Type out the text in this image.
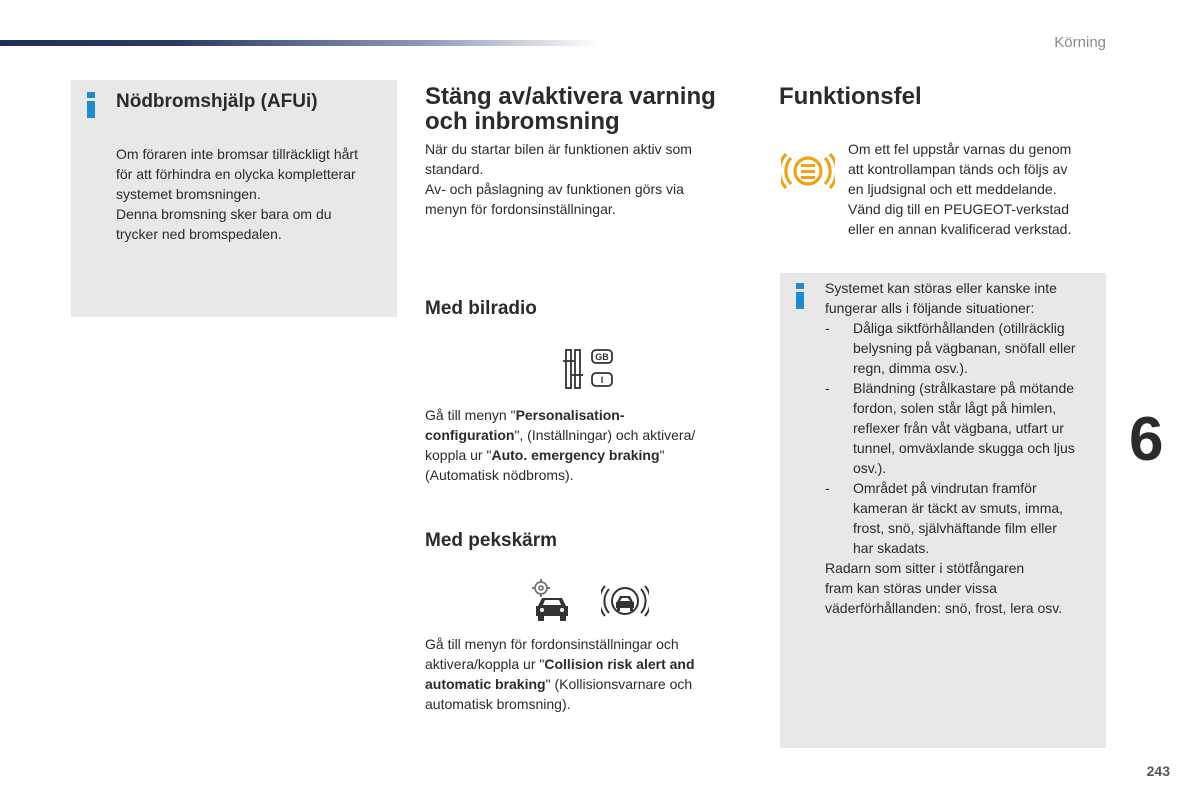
Körning
Nödbromshjälp (AFUi)
Om föraren inte bromsar tillräckligt hårt
för att förhindra en olycka kompletterar
systemet bromsningen.
Denna bromsning sker bara om du
trycker ned bromspedalen.
Stäng av/aktivera varning
och inbromsning
När du startar bilen är funktionen aktiv som
standard.
Av- och påslagning av funktionen görs via
menyn för fordonsinställningar.
Med bilradio
GB
I
Gå till menyn "Personalisation-
configuration", (Inställningar) och aktivera/
koppla ur "Auto. emergency braking"
(Automatisk nödbroms).
Med pekskärm
Gå till menyn för fordonsinställningar och
aktivera/koppla ur "Collision risk alert and
automatic braking" (Kollisionsvarnare och
automatisk bromsning).
Funktionsfel
Om ett fel uppstår varnas du genom
att kontrollampan tänds och följs av
en ljudsignal och ett meddelande.
Vänd dig till en PEUGEOT-verkstad
eller en annan kvalificerad verkstad.
Systemet kan störas eller kanske inte
fungerar alls i följande situationer:
- Dåliga siktförhållanden (otillräcklig
belysning på vägbanan, snöfall eller
regn, dimma osv.).
- Bländning (strålkastare på mötande
fordon, solen står lågt på himlen,
reflexer från våt vägbana, utfart ur
tunnel, omväxlande skugga och ljus
osv.).
- Området på vindrutan framför
kameran är täckt av smuts, imma,
frost, snö, självhäftande film eller
har skadats.
Radarn som sitter i stötfångaren
fram kan störas under vissa
väderförhållanden: snö, frost, lera osv.
6
243
